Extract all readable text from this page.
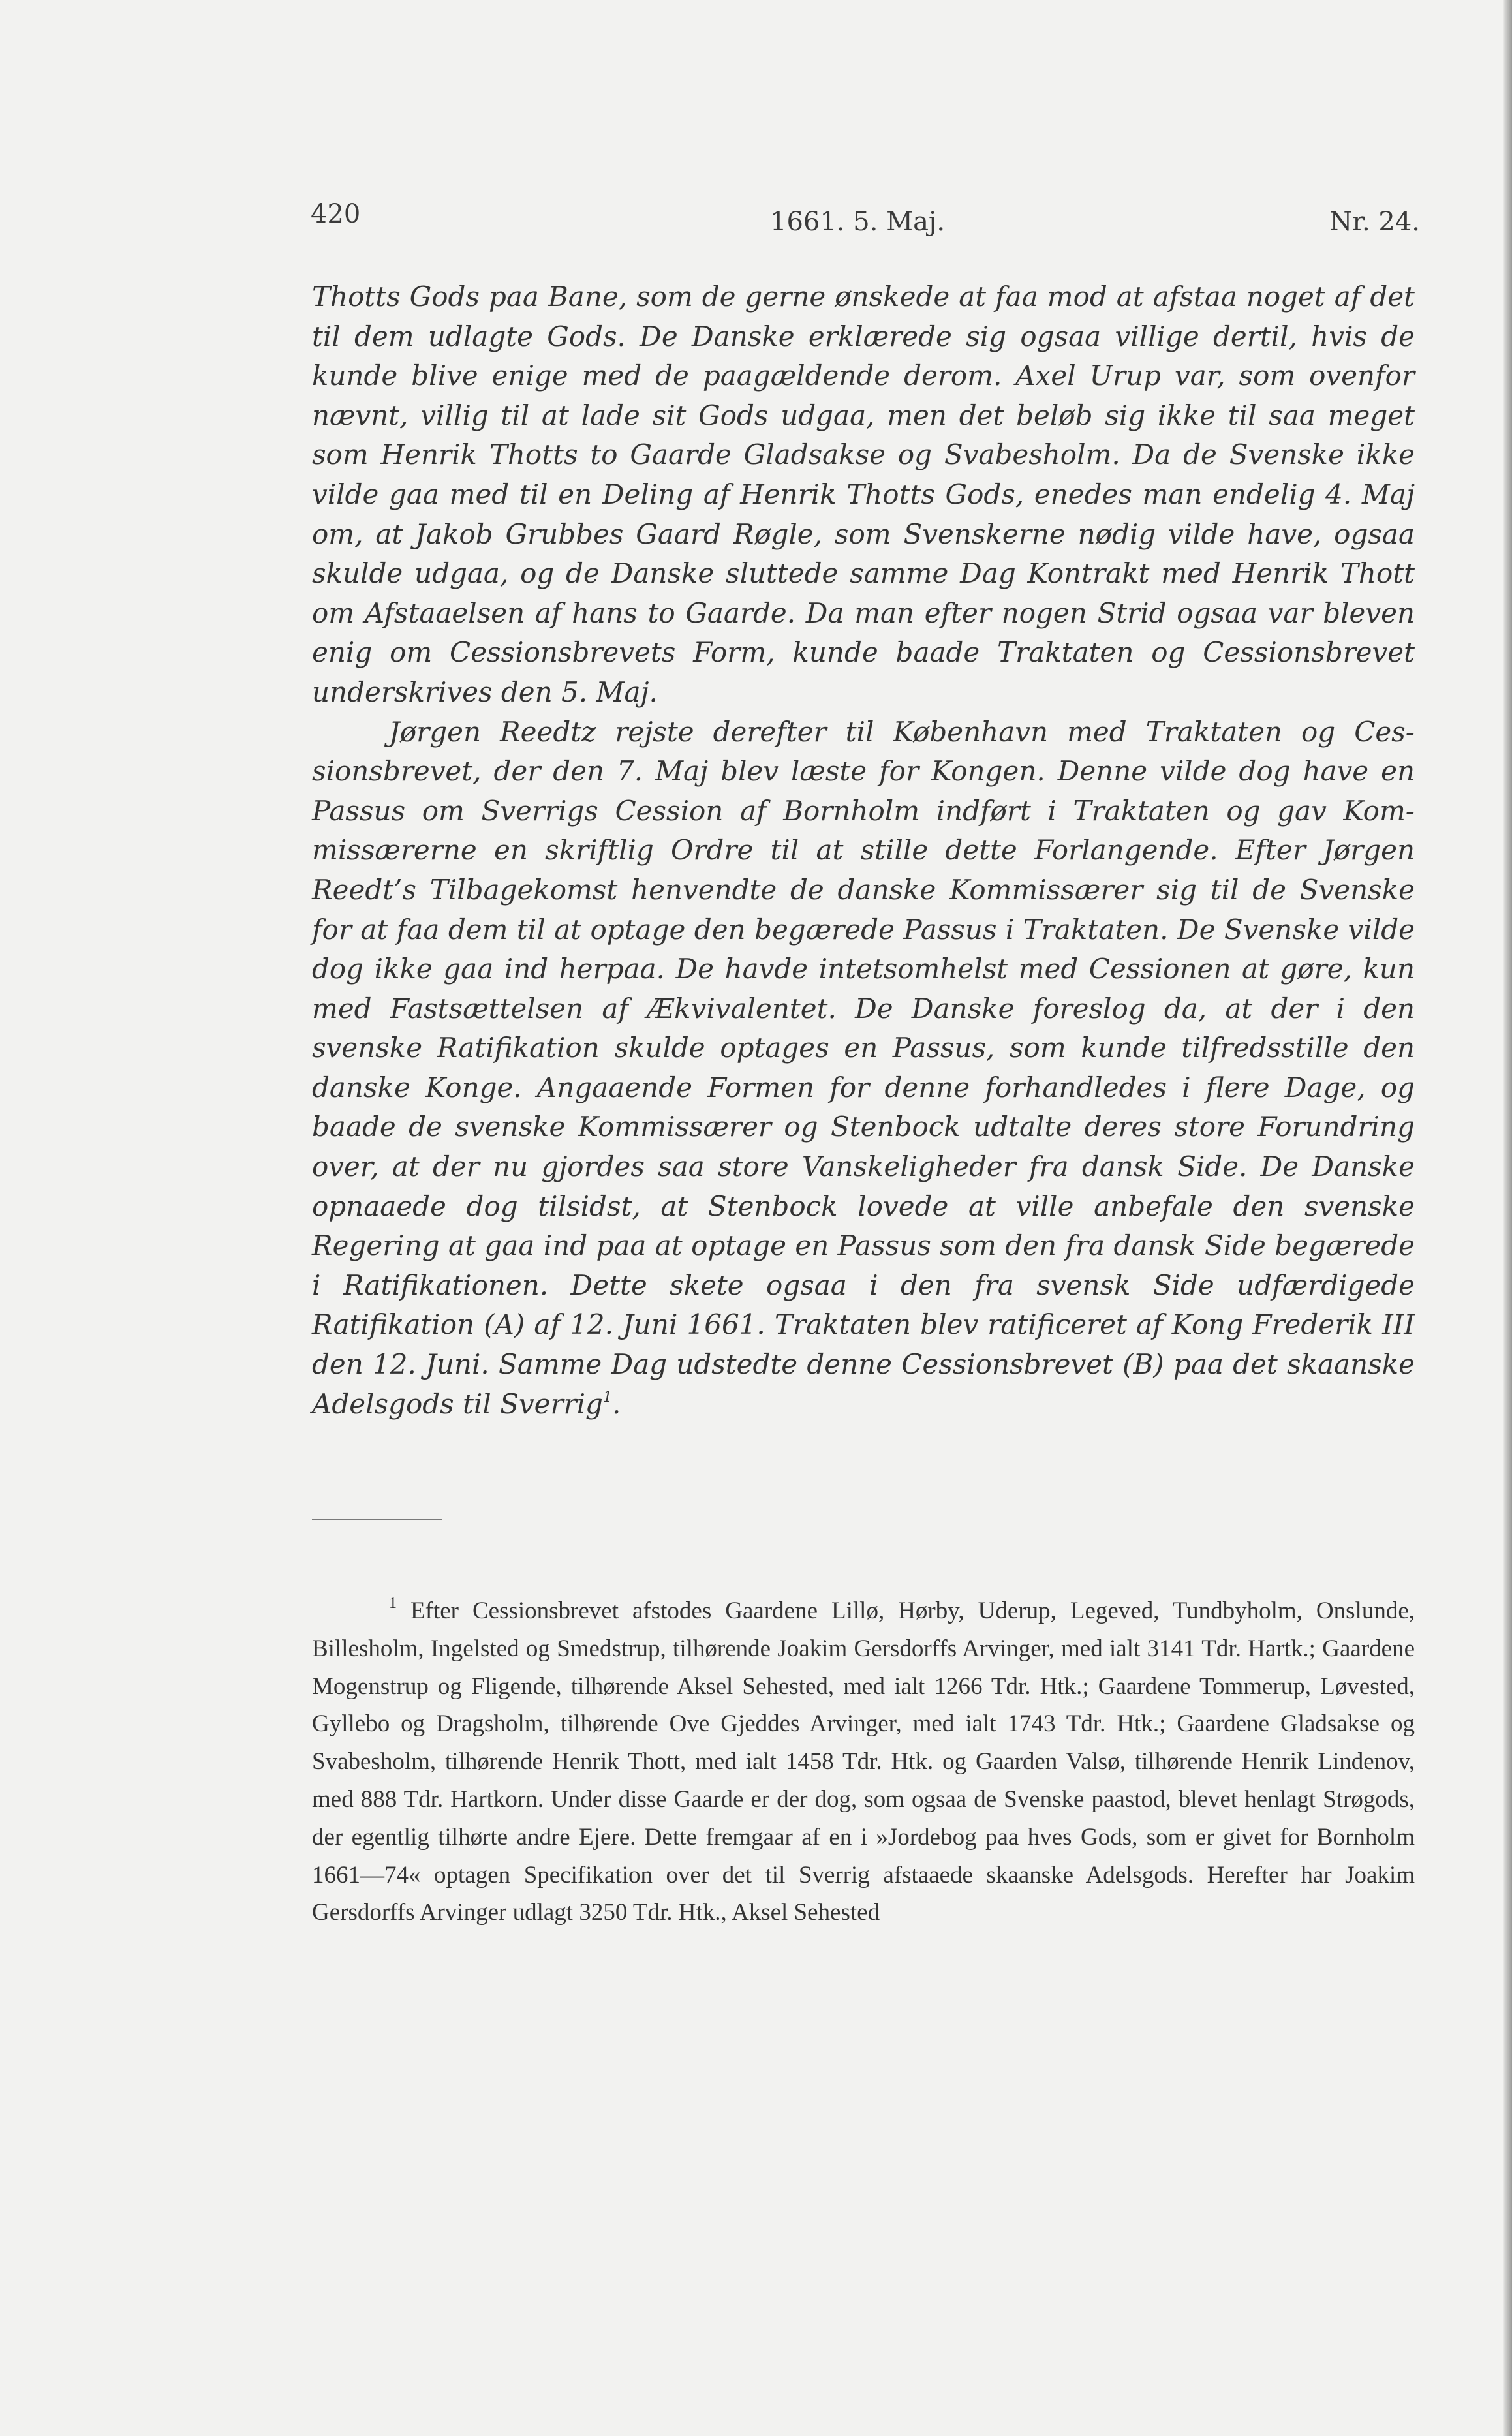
420	1661. 5. Maj.	Nr. 24.

Thotts Gods paa Bane, som de gerne ønskede at faa mod at afstaa noget af det til dem udlagte Gods. De Danske erklærede sig ogsaa villige dertil, hvis de kunde blive enige med de paagældende derom. Axel Urup var, som ovenfor nævnt, villig til at lade sit Gods udgaa, men det beløb sig ikke til saa meget som Henrik Thotts to Gaarde Gladsakse og Svabesholm. Da de Svenske ikke vilde gaa med til en Deling af Henrik Thotts Gods, enedes man endelig 4. Maj om, at Jakob Grubbes Gaard Røgle, som Svenskerne nødig vilde have, ogsaa skulde udgaa, og de Danske sluttede samme Dag Kontrakt med Henrik Thott om Afstaaelsen af hans to Gaarde. Da man efter nogen Strid ogsaa var bleven enig om Cessionsbrevets Form, kunde baade Traktaten og Cessionsbrevet underskrives den 5. Maj.

Jørgen Reedtz rejste derefter til København med Traktaten og Cessionsbrevet, der den 7. Maj blev læste for Kongen. Denne vilde dog have en Passus om Sverrigs Cession af Bornholm indført i Traktaten og gav Kommissærerne en skriftlig Ordre til at stille dette Forlangende. Efter Jørgen Reedt’s Tilbagekomst henvendte de danske Kommissærer sig til de Svenske for at faa dem til at optage den begærede Passus i Traktaten. De Svenske vilde dog ikke gaa ind herpaa. De havde intetsomhelst med Cessionen at gøre, kun med Fastsættelsen af Ækvivalentet. De Danske foreslog da, at der i den svenske Ratifikation skulde optages en Passus, som kunde tilfredsstille den danske Konge. Angaaende Formen for denne forhandledes i flere Dage, og baade de svenske Kommissærer og Stenbock udtalte deres store Forundring over, at der nu gjordes saa store Vanskeligheder fra dansk Side. De Danske opnaaede dog tilsidst, at Stenbock lovede at ville anbefale den svenske Regering at gaa ind paa at optage en Passus som den fra dansk Side begærede i Ratifikationen. Dette skete ogsaa i den fra svensk Side udfærdigede Ratifikation (A) af 12. Juni 1661. Traktaten blev ratificeret af Kong Frederik III den 12. Juni. Samme Dag udstedte denne Cessionsbrevet (B) paa det skaanske Adelsgods til Sverrig$^1$.

$^1$ Efter Cessionsbrevet afstodes Gaardene Lillø, Hørby, Uderup, Legeved, Tundbyholm, Onslunde, Billesholm, Ingelsted og Smedstrup, tilhørende Joakim Gersdorffs Arvinger, med ialt 3141 Tdr. Hartk.; Gaardene Mogenstrup og Fligende, tilhørende Aksel Sehested, med ialt 1266 Tdr. Htk.; Gaardene Tommerup, Løvested, Gyllebo og Dragsholm, tilhørende Ove Gjeddes Arvinger, med ialt 1743 Tdr. Htk.; Gaardene Gladsakse og Svabesholm, tilhørende Henrik Thott, med ialt 1458 Tdr. Htk. og Gaarden Valsø, tilhørende Henrik Lindenov, med 888 Tdr. Hartkorn. Under disse Gaarde er der dog, som ogsaa de Svenske paastod, blevet henlagt Strøgods, der egentlig tilhørte andre Ejere. Dette fremgaar af en i »Jordebog paa hves Gods, som er givet for Bornholm 1661—74« optagen Specifikation over det til Sverrig afstaaede skaanske Adelsgods. Herefter har Joakim Gersdorffs Arvinger udlagt 3250 Tdr. Htk., Aksel Sehested
